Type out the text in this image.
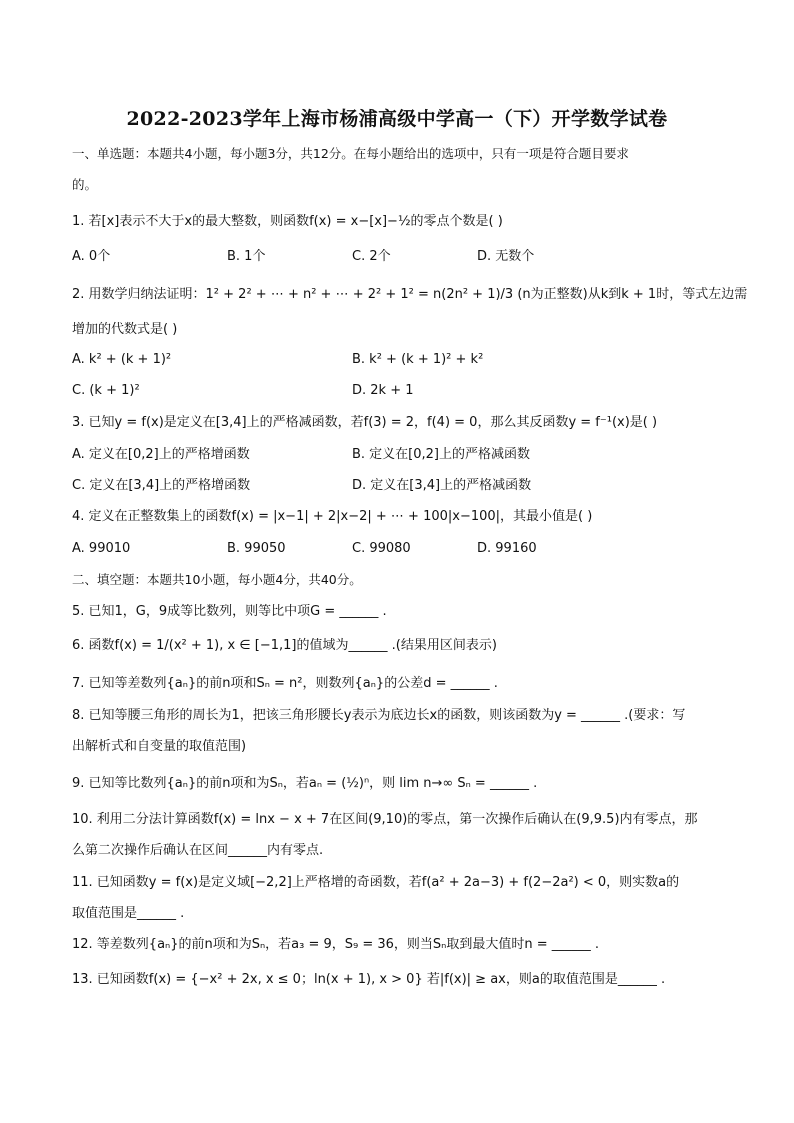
2022-2023学年上海市杨浦高级中学高一（下）开学数学试卷
一、单选题：本题共4小题，每小题3分，共12分。在每小题给出的选项中，只有一项是符合题目要求
的。
1. 若[x]表示不大于x的最大整数，则函数f(x) = x−[x]−½的零点个数是( )
A. 0个	B. 1个	C. 2个	D. 无数个
2. 用数学归纳法证明：1² + 2² + ⋯ + n² + ⋯ + 2² + 1² = n(2n² + 1)/3 (n为正整数)从k到k + 1时，等式左边需
增加的代数式是( )
A. k² + (k + 1)²	B. k² + (k + 1)² + k²
C. (k + 1)²	D. 2k + 1
3. 已知y = f(x)是定义在[3,4]上的严格减函数，若f(3) = 2，f(4) = 0，那么其反函数y = f⁻¹(x)是( )
A. 定义在[0,2]上的严格增函数	B. 定义在[0,2]上的严格减函数
C. 定义在[3,4]上的严格增函数	D. 定义在[3,4]上的严格减函数
4. 定义在正整数集上的函数f(x) = |x−1| + 2|x−2| + ⋯ + 100|x−100|，其最小值是( )
A. 99010	B. 99050	C. 99080	D. 99160
二、填空题：本题共10小题，每小题4分，共40分。
5. 已知1，G，9成等比数列，则等比中项G = ______ .
6. 函数f(x) = 1/(x² + 1), x ∈ [−1,1]的值域为______ .(结果用区间表示)
7. 已知等差数列{aₙ}的前n项和Sₙ = n²，则数列{aₙ}的公差d = ______ .
8. 已知等腰三角形的周长为1，把该三角形腰长y表示为底边长x的函数，则该函数为y = ______ .(要求：写
出解析式和自变量的取值范围)
9. 已知等比数列{aₙ}的前n项和为Sₙ，若aₙ = (½)ⁿ，则 lim n→∞ Sₙ = ______ .
10. 利用二分法计算函数f(x) = lnx − x + 7在区间(9,10)的零点，第一次操作后确认在(9,9.5)内有零点，那
么第二次操作后确认在区间______内有零点.
11. 已知函数y = f(x)是定义域[−2,2]上严格增的奇函数，若f(a² + 2a−3) + f(2−2a²) < 0，则实数a的
取值范围是______ .
12. 等差数列{aₙ}的前n项和为Sₙ，若a₃ = 9，S₉ = 36，则当Sₙ取到最大值时n = ______ .
13. 已知函数f(x) = {−x² + 2x, x ≤ 0；ln(x + 1), x > 0} 若|f(x)| ≥ ax，则a的取值范围是______ .
